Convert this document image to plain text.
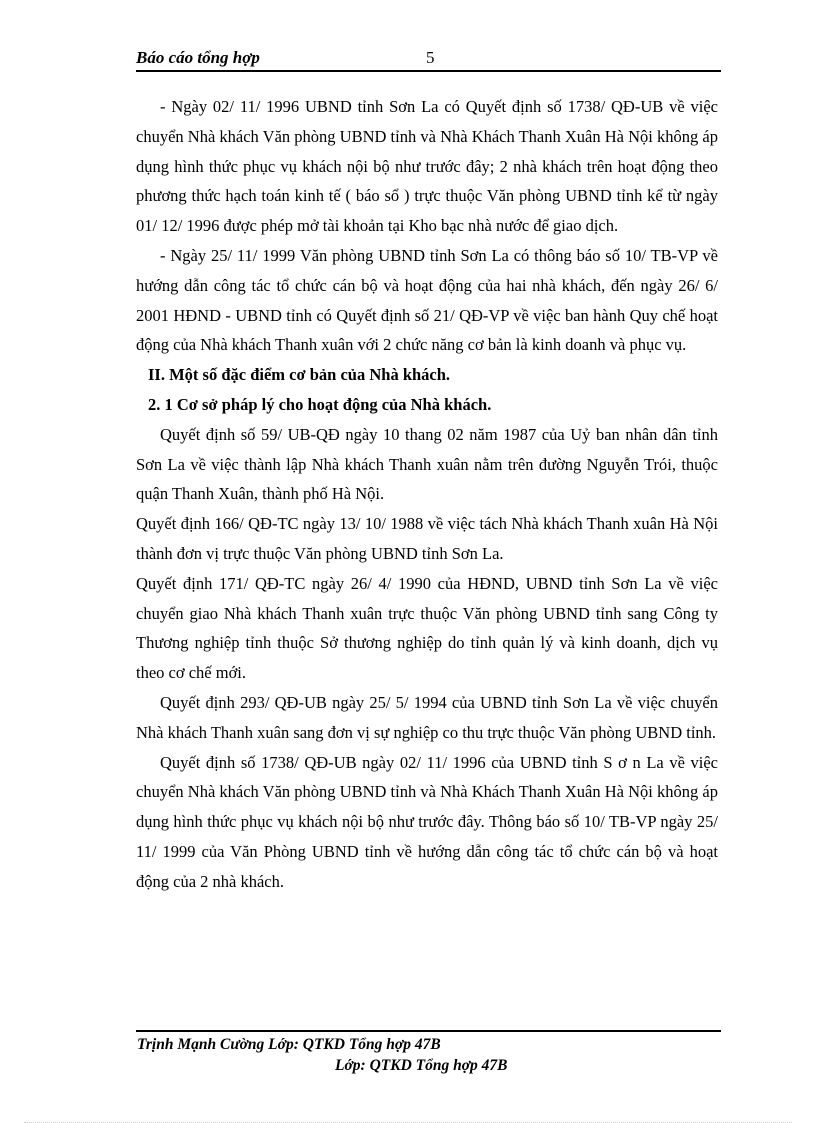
Báo cáo tổng hợp	5

- Ngày 02/ 11/ 1996 UBND tỉnh Sơn La có Quyết định số 1738/ QĐ-UB về việc chuyển Nhà khách Văn phòng UBND tỉnh và Nhà Khách Thanh Xuân Hà Nội không áp dụng hình thức phục vụ khách nội bộ như trước đây; 2 nhà khách trên hoạt động theo phương thức hạch toán kinh tế ( báo sổ ) trực thuộc Văn phòng UBND tỉnh kể từ ngày 01/ 12/ 1996 được phép mở tài khoản tại Kho bạc nhà nước để giao dịch.

- Ngày 25/ 11/ 1999 Văn phòng UBND tỉnh Sơn La có thông báo số 10/ TB-VP về hướng dẫn công tác tổ chức cán bộ và hoạt động của hai nhà khách, đến ngày 26/ 6/ 2001 HĐND - UBND tỉnh có Quyết định số 21/ QĐ-VP về việc ban hành Quy chế hoạt động của Nhà khách Thanh xuân với 2 chức năng cơ bản là kinh doanh và phục vụ.

II. Một số đặc điểm cơ bản của Nhà khách.

2. 1 Cơ sở pháp lý cho hoạt động của Nhà khách.

Quyết định số 59/ UB-QĐ ngày 10 thang 02 năm 1987 của Uỷ ban nhân dân tỉnh Sơn La về việc thành lập Nhà khách Thanh xuân nằm trên đường Nguyễn Trói, thuộc quận Thanh Xuân, thành phố Hà Nội.

Quyết định 166/ QĐ-TC ngày 13/ 10/ 1988 về việc tách Nhà khách Thanh xuân Hà Nội thành đơn vị trực thuộc Văn phòng UBND tỉnh Sơn La.

Quyết định 171/ QĐ-TC ngày 26/ 4/ 1990 của HĐND, UBND tỉnh Sơn La về việc chuyển giao Nhà khách Thanh xuân trực thuộc Văn phòng UBND tỉnh sang Công ty Thương nghiệp tỉnh thuộc Sở thương nghiệp do tỉnh quản lý và kinh doanh, dịch vụ theo cơ chế mới.

Quyết định 293/ QĐ-UB ngày 25/ 5/ 1994 của UBND tỉnh Sơn La về việc chuyển Nhà khách Thanh xuân sang đơn vị sự nghiệp co thu trực thuộc Văn phòng UBND tỉnh.

Quyết định số 1738/ QĐ-UB ngày 02/ 11/ 1996 của UBND tỉnh S ơ n La về việc chuyển Nhà khách Văn phòng UBND tỉnh và Nhà Khách Thanh Xuân Hà Nội không áp dụng hình thức phục vụ khách nội bộ như trước đây. Thông báo số 10/ TB-VP ngày 25/ 11/ 1999 của Văn Phòng UBND tỉnh về hướng dẫn công tác tổ chức cán bộ và hoạt động của 2 nhà khách.

Trịnh Mạnh Cường Lớp: QTKD Tổng hợp 47B
Lớp: QTKD Tổng hợp 47B
